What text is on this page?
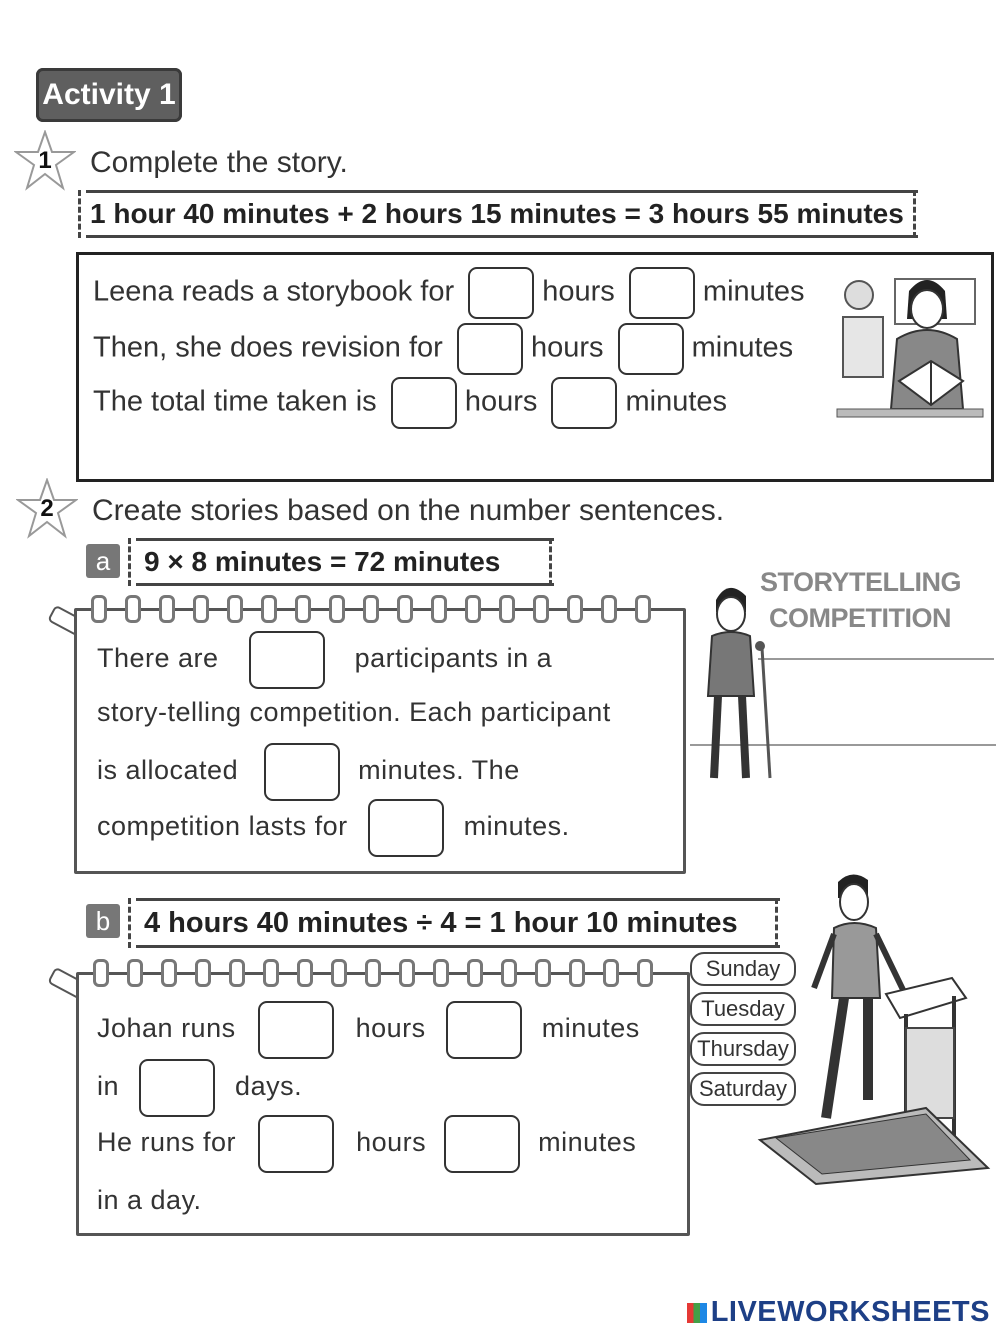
Activity 1
1	Complete the story.
1 hour 40 minutes + 2 hours 15 minutes = 3 hours 55 minutes
Leena reads a storybook for	hours	minutes
Then, she does revision for	hours	minutes
The total time taken is	hours	minutes
2	Create stories based on the number sentences.
a	9 × 8 minutes = 72 minutes
There are	participants in a
story-telling competition. Each participant
is allocated	minutes. The
competition lasts for	minutes.
STORYTELLING
COMPETITION
b	4 hours 40 minutes ÷ 4 = 1 hour 10 minutes
Johan runs	hours	minutes
in	days.
He runs for	hours	minutes
in a day.
Sunday
Tuesday
Thursday
Saturday
LIVEWORKSHEETS
